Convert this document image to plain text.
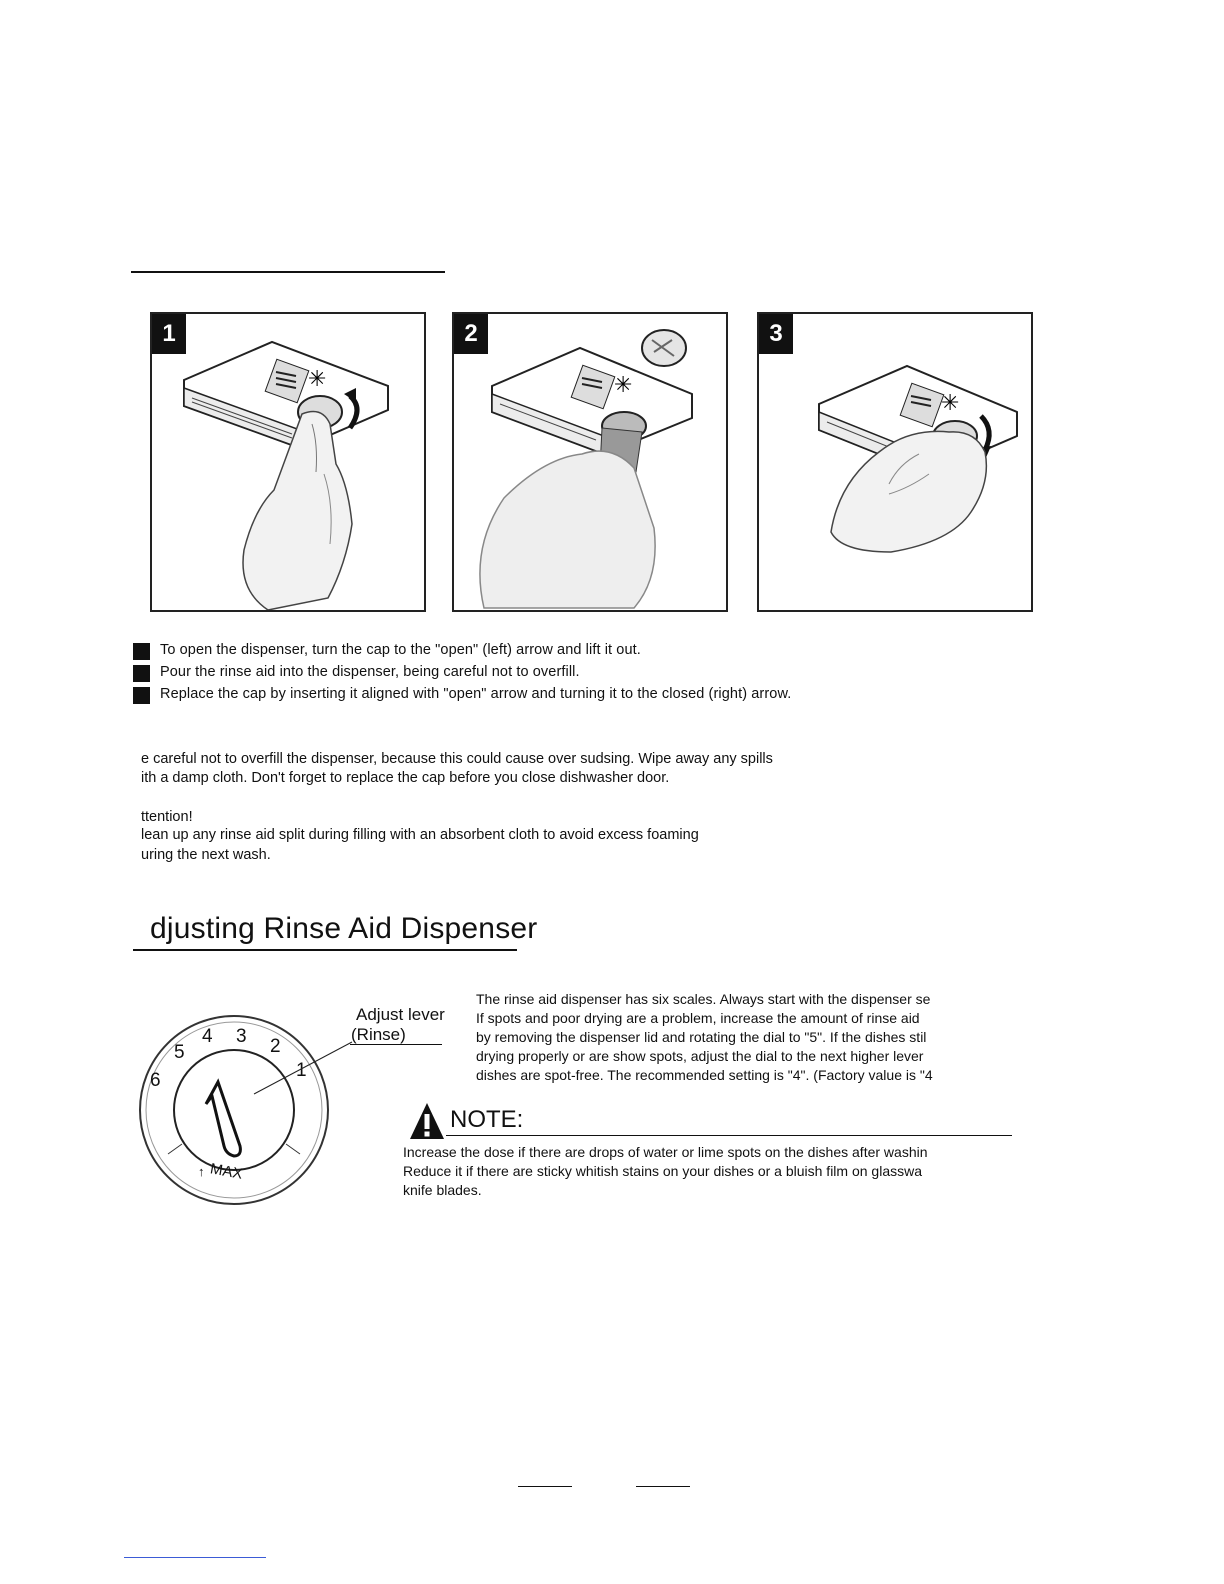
✳
1
✳
2
✳
3
To open the dispenser, turn the cap to the "open" (left) arrow and lift it out.
Pour the rinse aid into the dispenser, being careful not to overfill.
Replace the cap by inserting it aligned with "open" arrow and turning it to the closed (right) arrow.
e careful not to overfill the dispenser, because this could cause over sudsing. Wipe away any spills
ith a damp cloth. Don't forget to replace the cap before you close dishwasher door.
ttention!
lean up any rinse aid split during filling with an absorbent cloth to avoid excess foaming
uring the next wash.
djusting Rinse Aid Dispenser
1
2
3
4
5
6
↑ MAX
Adjust lever
(Rinse)
The rinse aid dispenser has six scales. Always start with the dispenser se
If spots and poor drying are a problem, increase the amount of rinse aid
by removing the dispenser lid and rotating the dial to "5". If the dishes stil
drying properly or are show spots, adjust the dial to the next higher lever
dishes are spot-free. The recommended setting is "4". (Factory value is "4
NOTE:
Increase the dose if there are drops of water or lime spots on the dishes after washin
Reduce it if there are sticky whitish stains on your dishes or a bluish film on glasswa
knife blades.
